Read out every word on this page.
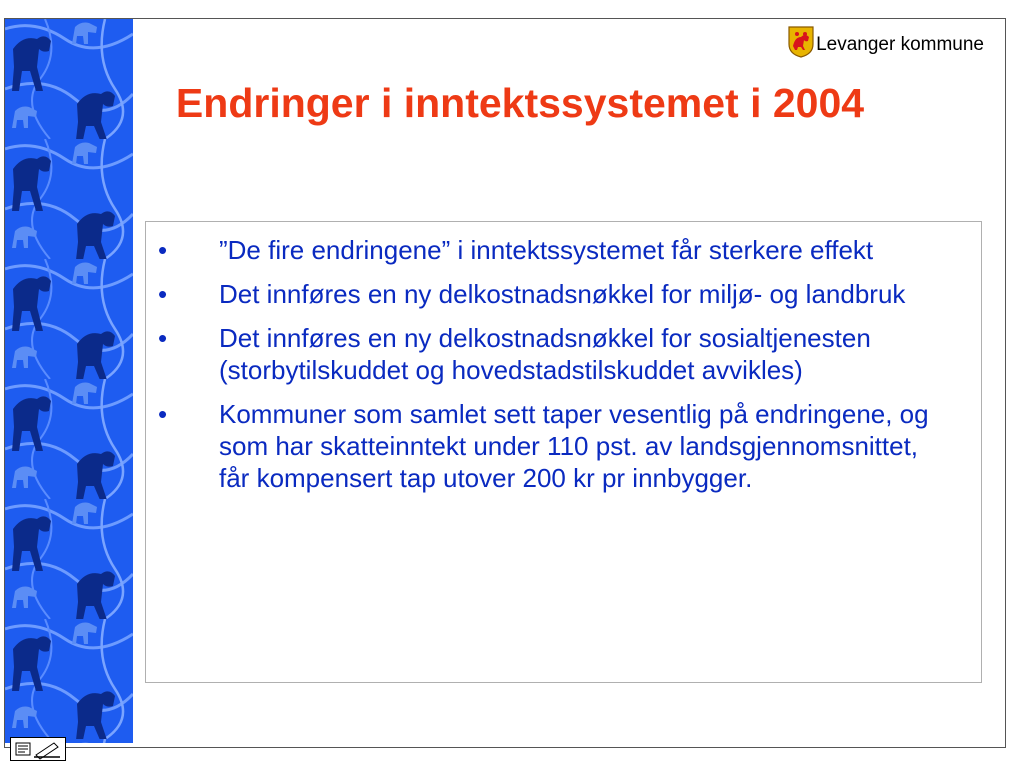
Levanger kommune
Endringer i inntektssystemet i 2004
• ”De fire endringene” i inntektssystemet får sterkere effekt
• Det innføres en ny delkostnadsnøkkel for miljø- og landbruk
• Det innføres en ny delkostnadsnøkkel for sosialtjenesten (storbytilskuddet og hovedstadstilskuddet avvikles)
• Kommuner som samlet sett taper vesentlig på endringene, og som har skatteinntekt under 110 pst. av landsgjennomsnittet, får kompensert tap utover 200 kr pr innbygger.
